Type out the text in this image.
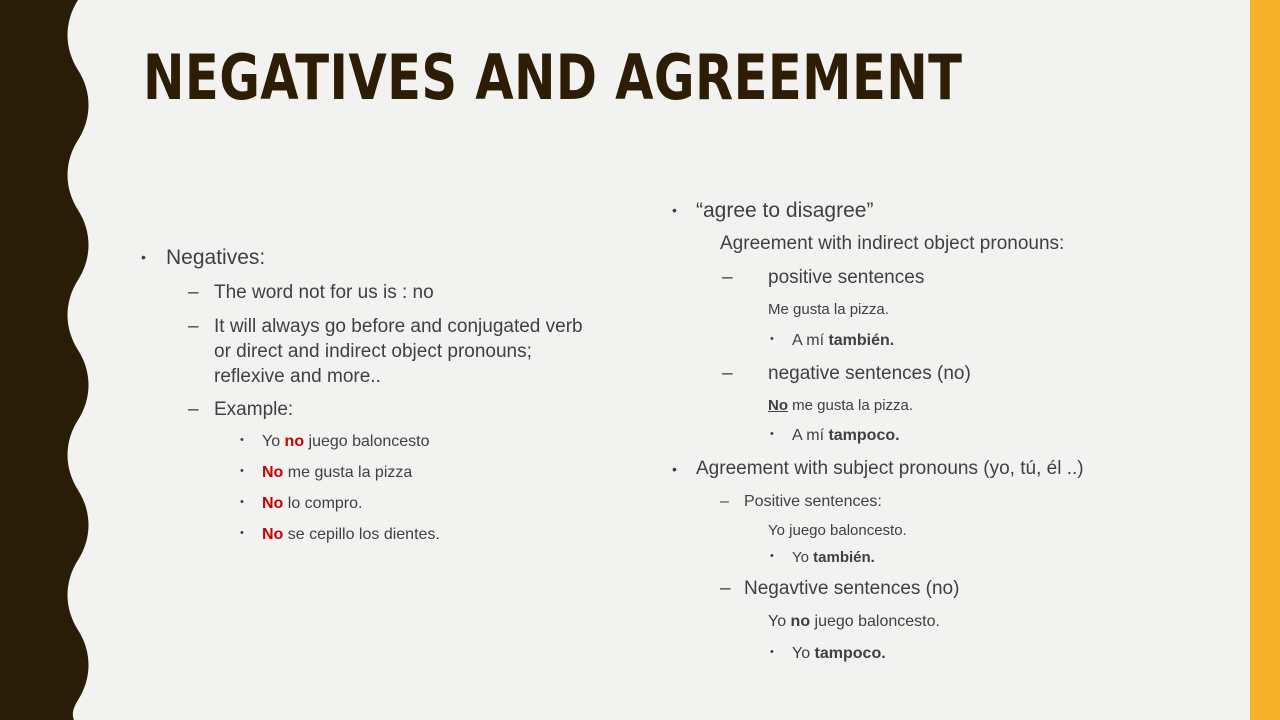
NEGATIVES AND AGREEMENT
• Negatives:
– The word not for us is : no
– It will always go before and conjugated verb
or direct and indirect object pronouns;
reflexive and more..
– Example:
• Yo no juego baloncesto
• No me gusta la pizza
• No lo compro.
• No se cepillo los dientes.
• “agree to disagree”
Agreement with indirect object pronouns:
– positive sentences
Me gusta la pizza.
• A mí también.
– negative sentences (no)
No me gusta la pizza.
• A mí tampoco.
• Agreement with subject pronouns (yo, tú, él ..)
– Positive sentences:
Yo juego baloncesto.
• Yo también.
– Negavtive sentences (no)
Yo no juego baloncesto.
• Yo tampoco.
